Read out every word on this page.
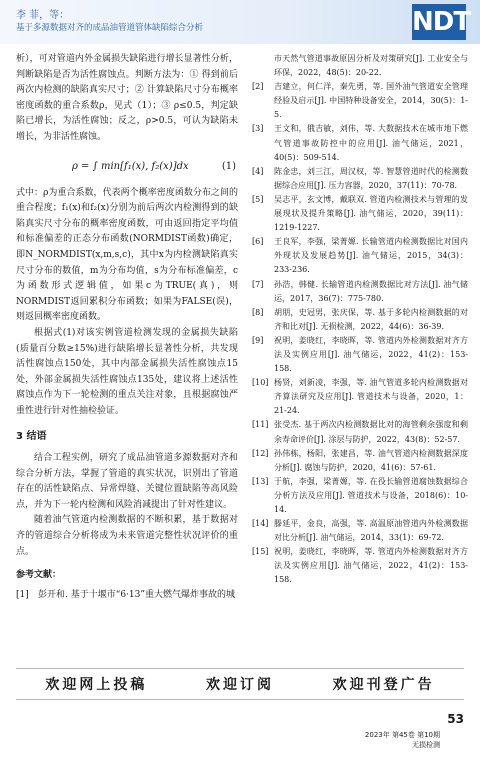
李 菲，等：
基于多源数据对齐的成品油管道管体缺陷综合分析	NDT

析），可对管道内外金属损失缺陷进行增长显著性分析，判断缺陷是否为活性腐蚀点。判断方法为：① 得到前后两次内检测的缺陷真实尺寸；② 计算缺陷尺寸分布概率密度函数的重合系数ρ，见式（1）；③ ρ≤0.5，判定缺陷已增长，为活性腐蚀；反之，ρ>0.5，可认为缺陷未增长，为非活性腐蚀。

ρ = ∫ min[f₁(x), f₂(x)]dx	(1)

式中：ρ为重合系数，代表两个概率密度函数分布之间的重合程度；f₁(x)和f₂(x)分别为前后两次内检测得到的缺陷真实尺寸分布的概率密度函数，可由返回指定平均值和标准偏差的正态分布函数(NORMDIST函数)确定，即N_NORMDIST(x,m,s,c)，其中x为内检测缺陷真实尺寸分布的数值，m为分布均值，s为分布标准偏差，c为函数形式逻辑值，如果c为TRUE(真)，则NORMDIST返回累积分布函数；如果为FALSE(误)，则返回概率密度函数。

根据式(1)对该实例管道检测发现的金属损失缺陷(质量百分数≥15%)进行缺陷增长显著性分析，共发现活性腐蚀点150处，其中内部金属损失活性腐蚀点15处，外部金属损失活性腐蚀点135处，建议将上述活性腐蚀点作为下一轮检测的重点关注对象，且根据腐蚀严重性进行针对性抽检验证。

3 结语

结合工程实例，研究了成品油管道多源数据对齐和综合分析方法，掌握了管道的真实状况，识别出了管道存在的活性缺陷点、异常焊缝、关键位置缺陷等高风险点，并为下一轮内检测和风险消减提出了针对性建议。

随着油气管道内检测数据的不断积累，基于数据对齐的管道综合分析将成为未来管道完整性状况评价的重点。

参考文献：
[1]	彭开和. 基于十堰市“6·13”重大燃气爆炸事故的城
市天然气管道事故原因分析及对策研究[J]. 工业安全与环保，2022，48(5)：20-22.
[2]	吉建立，何仁洋，秦先勇，等. 国外油气管道安全管理经验及启示[J]. 中国特种设备安全，2014，30(5)：1-5.
[3]	王文和，俄吉敏，刘伟，等. 大数据技术在城市地下燃气管道事故防控中的应用[J]. 油气储运，2021，40(5)：509-514.
[4]	陈金忠，刘三江，周汉权，等. 智慧管道时代的检测数据综合应用[J]. 压力容器，2020，37(11)：70-78.
[5]	吴志平，玄文博，戴联双. 管道内检测技术与管理的发展现状及提升策略[J]. 油气储运，2020，39(11)：1219-1227.
[6]	王良军，李强，梁菁嫄. 长输管道内检测数据比对国内外现状及发展趋势[J]. 油气储运，2015，34(3)：233-236.
[7]	孙浩，韩健. 长输管道内检测数据比对方法[J]. 油气储运，2017，36(7)：775-780.
[8]	胡朋，史冠男，张庆保，等. 基于多轮内检测数据的对齐和比对[J]. 无损检测，2022，44(6)：36-39.
[9]	祝明，姜晓红，李晓晖，等. 管道内外检测数据对齐方法及实例应用[J]. 油气储运，2022，41(2)：153-158.
[10] 杨贤，刘新凌，李强，等. 油气管道多轮内检测数据对齐算法研究及应用[J]. 管道技术与设备，2020，1：21-24.
[11] 张受杰. 基于两次内检测数据比对的海管剩余强度和剩余寿命评价[J]. 涂层与防护，2022，43(8)：52-57.
[12] 孙伟栋，杨阳，张建昌，等. 油气管道内检测数据深度分析[J]. 腐蚀与防护，2020，41(6)：57-61.
[13] 于航，李强，梁菁嫄，等. 在役长输管道腐蚀数据综合分析方法及应用[J]. 管道技术与设备，2018(6)：10-14.
[14] 滕延平，金良，高强，等. 高温原油管道内外检测数据对比分析[J]. 油气储运，2014，33(1)：69-72.
[15] 祝明，姜晓红，李晓晖，等. 管道内外检测数据对齐方法及实例应用[J]. 油气储运，2022，41(2)：153-158.
欢迎网上投稿	欢迎订阅	欢迎刊登广告
53
2023年 第45卷 第10期
无损检测
